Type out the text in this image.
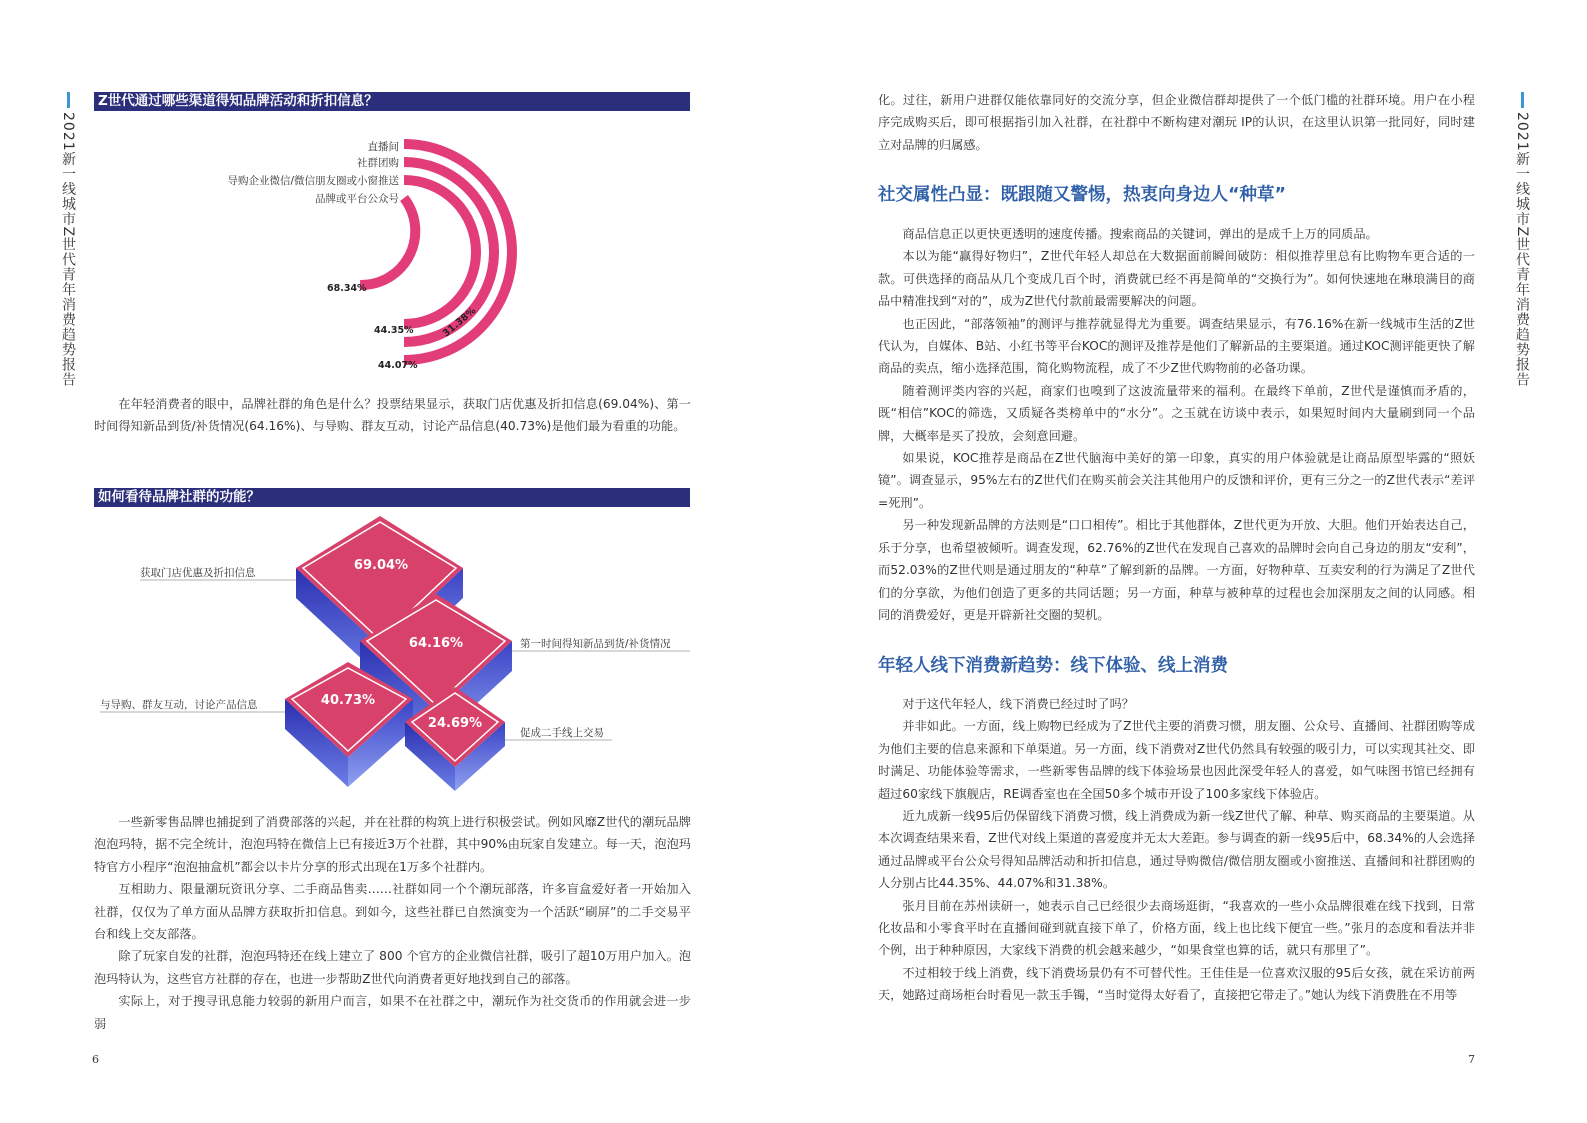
2021新一线城市Z世代青年消费趋势报告	2021新一线城市Z世代青年消费趋势报告
Z世代通过哪些渠道得知品牌活动和折扣信息？
直播间
社群团购
导购企业微信/微信朋友圈或小窗推送
品牌或平台公众号
68.34%
44.35%	31.38%
44.07%

在年轻消费者的眼中，品牌社群的角色是什么？投票结果显示，获取门店优惠及折扣信息(69.04%)、第一时间得知新品到货/补货情况(64.16%)、与导购、群友互动，讨论产品信息(40.73%)是他们最为看重的功能。

如何看待品牌社群的功能？
69.04%
64.16%
40.73%
24.69%
获取门店优惠及折扣信息
第一时间得知新品到货/补货情况
与导购、群友互动，讨论产品信息
促成二手线上交易

一些新零售品牌也捕捉到了消费部落的兴起，并在社群的构筑上进行积极尝试。例如风靡Z世代的潮玩品牌泡泡玛特，据不完全统计，泡泡玛特在微信上已有接近3万个社群，其中90%由玩家自发建立。每一天，泡泡玛特官方小程序“泡泡抽盒机”都会以卡片分享的形式出现在1万多个社群内。

互相助力、限量潮玩资讯分享、二手商品售卖……社群如同一个个潮玩部落，许多盲盒爱好者一开始加入社群，仅仅为了单方面从品牌方获取折扣信息。到如今，这些社群已自然演变为一个活跃“刷屏”的二手交易平台和线上交友部落。

除了玩家自发的社群，泡泡玛特还在线上建立了 800 个官方的企业微信社群，吸引了超10万用户加入。泡泡玛特认为，这些官方社群的存在，也进一步帮助Z世代向消费者更好地找到自己的部落。

实际上，对于搜寻讯息能力较弱的新用户而言，如果不在社群之中，潮玩作为社交货币的作用就会进一步弱

6

化。过往，新用户进群仅能依靠同好的交流分享，但企业微信群却提供了一个低门槛的社群环境。用户在小程序完成购买后，即可根据指引加入社群，在社群中不断构建对潮玩 IP的认识，在这里认识第一批同好，同时建立对品牌的归属感。

社交属性凸显：既跟随又警惕，热衷向身边人“种草”

商品信息正以更快更透明的速度传播。搜索商品的关键词，弹出的是成千上万的同质品。

本以为能“赢得好物归”，Z世代年轻人却总在大数据面前瞬间破防：相似推荐里总有比购物车更合适的一款。可供选择的商品从几个变成几百个时，消费就已经不再是简单的“交换行为”。如何快速地在琳琅满目的商品中精准找到“对的”，成为Z世代付款前最需要解决的问题。

也正因此，“部落领袖”的测评与推荐就显得尤为重要。调查结果显示，有76.16%在新一线城市生活的Z世代认为，自媒体、B站、小红书等平台KOC的测评及推荐是他们了解新品的主要渠道。通过KOC测评能更快了解商品的卖点，缩小选择范围，简化购物流程，成了不少Z世代购物前的必备功课。

随着测评类内容的兴起，商家们也嗅到了这波流量带来的福利。在最终下单前，Z世代是谨慎而矛盾的，既“相信”KOC的筛选，又质疑各类榜单中的“水分”。之玉就在访谈中表示，如果短时间内大量刷到同一个品牌，大概率是买了投放，会刻意回避。

如果说，KOC推荐是商品在Z世代脑海中美好的第一印象，真实的用户体验就是让商品原型毕露的“照妖镜”。调查显示，95%左右的Z世代们在购买前会关注其他用户的反馈和评价，更有三分之一的Z世代表示“差评=死刑”。

另一种发现新品牌的方法则是“口口相传”。相比于其他群体，Z世代更为开放、大胆。他们开始表达自己，乐于分享，也希望被倾听。调查发现，62.76%的Z世代在发现自己喜欢的品牌时会向自己身边的朋友“安利”，而52.03%的Z世代则是通过朋友的“种草”了解到新的品牌。一方面，好物种草、互卖安利的行为满足了Z世代们的分享欲，为他们创造了更多的共同话题；另一方面，种草与被种草的过程也会加深朋友之间的认同感。相同的消费爱好，更是开辟新社交圈的契机。

年轻人线下消费新趋势：线下体验、线上消费

对于这代年轻人，线下消费已经过时了吗？

并非如此。一方面，线上购物已经成为了Z世代主要的消费习惯，朋友圈、公众号、直播间、社群团购等成为他们主要的信息来源和下单渠道。另一方面，线下消费对Z世代仍然具有较强的吸引力，可以实现其社交、即时满足、功能体验等需求，一些新零售品牌的线下体验场景也因此深受年轻人的喜爱，如气味图书馆已经拥有超过60家线下旗舰店，RE调香室也在全国50多个城市开设了100多家线下体验店。

近九成新一线95后仍保留线下消费习惯，线上消费成为新一线Z世代了解、种草、购买商品的主要渠道。从本次调查结果来看，Z世代对线上渠道的喜爱度并无太大差距。参与调查的新一线95后中，68.34%的人会选择通过品牌或平台公众号得知品牌活动和折扣信息，通过导购微信/微信朋友圈或小窗推送、直播间和社群团购的人分别占比44.35%、44.07%和31.38%。

张月目前在苏州读研一，她表示自己已经很少去商场逛街，“我喜欢的一些小众品牌很难在线下找到，日常化妆品和小零食平时在直播间碰到就直接下单了，价格方面，线上也比线下便宜一些。”张月的态度和看法并非个例，出于种种原因，大家线下消费的机会越来越少，“如果食堂也算的话，就只有那里了”。

不过相较于线上消费，线下消费场景仍有不可替代性。王佳佳是一位喜欢汉服的95后女孩，就在采访前两天，她路过商场柜台时看见一款玉手镯，“当时觉得太好看了，直接把它带走了。”她认为线下消费胜在不用等

7
